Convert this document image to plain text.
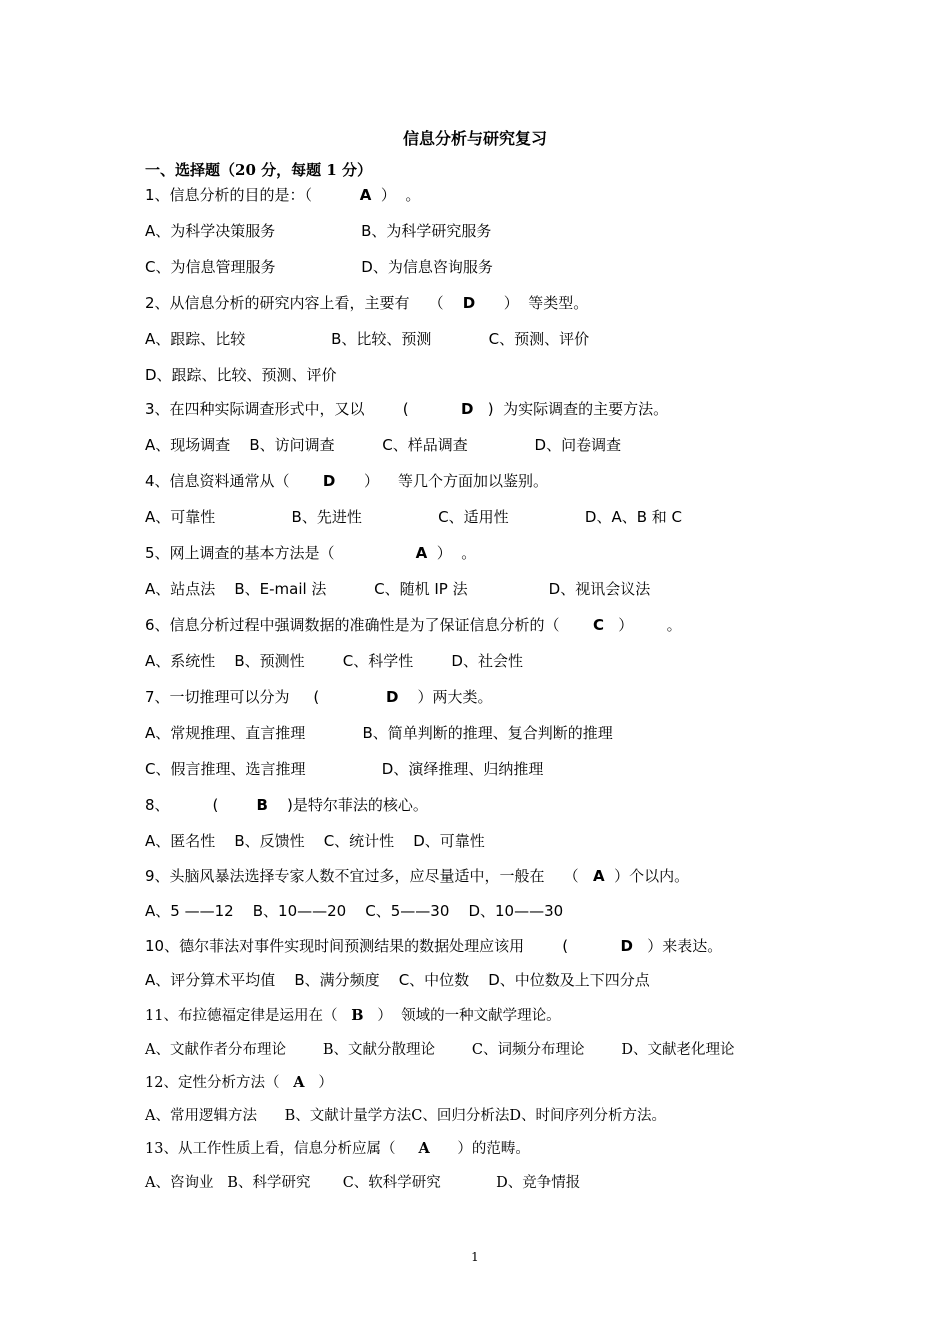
信息分析与研究复习
一、选择题（20 分，每题 1 分）
1、信息分析的目的是：（          A  ）  。
A、为科学决策服务                  B、为科学研究服务
C、为信息管理服务                  D、为信息咨询服务
2、从信息分析的研究内容上看，主要有    （    D      ）  等类型。
A、跟踪、比较                  B、比较、预测            C、预测、评价
D、跟踪、比较、预测、评价
3、在四种实际调查形式中，又以        (           D   )  为实际调查的主要方法。
A、现场调查    B、访问调查          C、样品调查              D、问卷调查
4、信息资料通常从（       D      ）    等几个方面加以鉴别。
A、可靠性                B、先进性                C、适用性                D、A、B 和 C
5、网上调查的基本方法是（                 A  ）  。
A、站点法    B、E-mail 法          C、随机 IP 法                 D、视讯会议法
6、信息分析过程中强调数据的准确性是为了保证信息分析的（       C   ）       。
A、系统性    B、预测性        C、科学性        D、社会性
7、一切推理可以分为     (              D    ）两大类。
A、常规推理、直言推理            B、简单判断的推理、复合判断的推理
C、假言推理、选言推理                D、演绎推理、归纳推理
8、         (        B    )是特尔菲法的核心。
A、匿名性    B、反馈性    C、统计性    D、可靠性
9、头脑风暴法选择专家人数不宜过多，应尽量适中，一般在    （   A  ）个以内。
A、5 ——12    B、10——20    C、5——30    D、10——30
10、德尔菲法对事件实现时间预测结果的数据处理应该用        (           D   ）来表达。
A、评分算术平均值    B、满分频度    C、中位数    D、中位数及上下四分点
11、布拉德福定律是运用在（   B   ）  领域的一种文献学理论。
A、文献作者分布理论        B、文献分散理论        C、词频分布理论        D、文献老化理论
12、定性分析方法（   A   ）
A、常用逻辑方法      B、文献计量学方法C、回归分析法D、时间序列分析方法。
13、从工作性质上看，信息分析应属（     A      ）的范畴。
A、咨询业   B、科学研究       C、软科学研究            D、竞争情报
1
